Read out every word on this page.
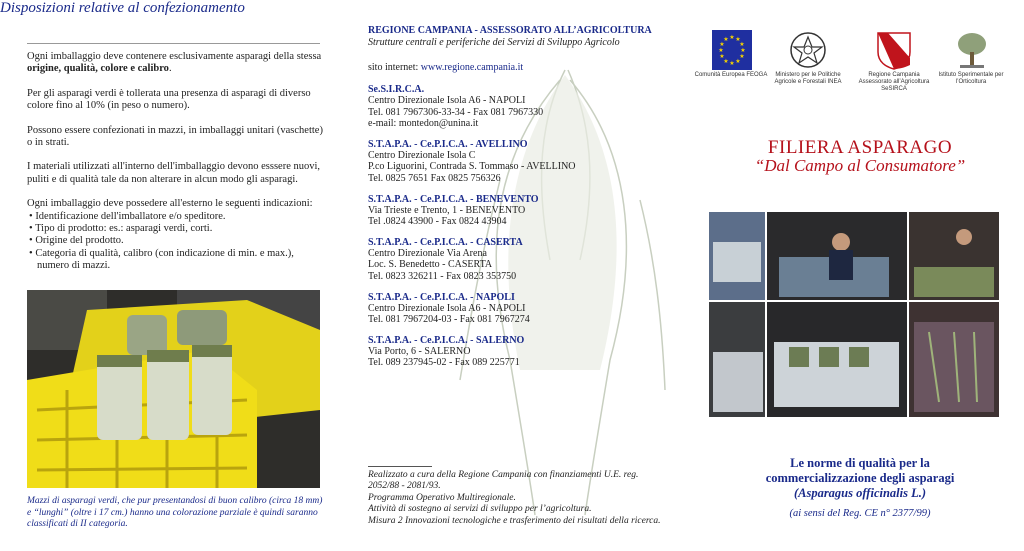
Disposizioni relative al confezionamento

Ogni imballaggio deve contenere esclusivamente asparagi della stessa origine, qualità, colore e calibro.

Per gli asparagi verdi è tollerata una presenza di asparagi di diverso colore fino al 10% (in peso o numero).

Possono essere confezionati in mazzi, in imballaggi unitari (vaschette) o in strati.

I materiali utilizzati all'interno dell'imballaggio devono esssere nuovi, puliti e di qualità tale da non alterare in alcun modo gli asparagi.

Ogni imballaggio deve possedere all'esterno le seguenti indicazioni:

• Identificazione dell'imballatore e/o speditore.
• Tipo di prodotto: es.: asparagi verdi, corti.
• Origine del prodotto.
• Categoria di qualità, calibro (con indicazione di min. e max.), numero di mazzi.
Mazzi di asparagi verdi, che pur presentandosi di buon calibro (circa 18 mm) e “lunghi” (oltre i 17 cm.) hanno una colorazione parziale è quindi saranno classificati di II categoria.
REGIONE CAMPANIA - ASSESSORATO ALL’AGRICOLTURA
Strutture centrali e periferiche dei Servizi di Sviluppo Agricolo
sito internet: www.regione.campania.it
Se.S.I.R.C.A.
Centro Direzionale Isola A6 - NAPOLI
Tel. 081 7967306-33-34 - Fax 081 7967330
e-mail: montedon@unina.it
S.T.A.P.A. - Ce.P.I.C.A. - AVELLINO
Centro Direzionale Isola C
P.co Liguorini, Contrada S. Tommaso - AVELLINO
Tel. 0825 7651 Fax 0825 756326
S.T.A.P.A. - Ce.P.I.C.A. - BENEVENTO
Via Trieste e Trento, 1 - BENEVENTO
Tel .0824 43900 - Fax 0824 43904
S.T.A.P.A. - Ce.P.I.C.A. - CASERTA
Centro Direzionale Via Arena
Loc. S. Benedetto - CASERTA
Tel. 0823 326211 - Fax 0823 353750
S.T.A.P.A. - Ce.P.I.C.A. - NAPOLI
Centro Direzionale Isola A6 - NAPOLI
Tel. 081 7967204-03 - Fax 081 7967274
S.T.A.P.A. - Ce.P.I.C.A. - SALERNO
Via Porto, 6 - SALERNO
Tel. 089 237945-02 - Fax 089 225771
Realizzato a cura della Regione Campania con finanziamenti U.E. reg.
2052/88 - 2081/93.
Programma Operativo Multiregionale.
Attività di sostegno ai servizi di sviluppo per l’agricoltura.
Misura 2 Innovazioni tecnologiche e trasferimento dei risultati della ricerca.
★ ★
★
★
★
★
★
★
★
★
★
★
Comunità Europea FEOGA	Ministero per le Politiche Agricole e Forestali INEA
Regione Campania Assessorato all’Agricoltura SeSIRCA
Istituto Sperimentale per l’Orticoltura
FILIERA ASPARAGO
“Dal Campo al Consumatore”
Le norme di qualità per la
commercializzazione degli asparagi
(Asparagus officinalis L.)
(ai sensi del Reg. CE n° 2377/99)
